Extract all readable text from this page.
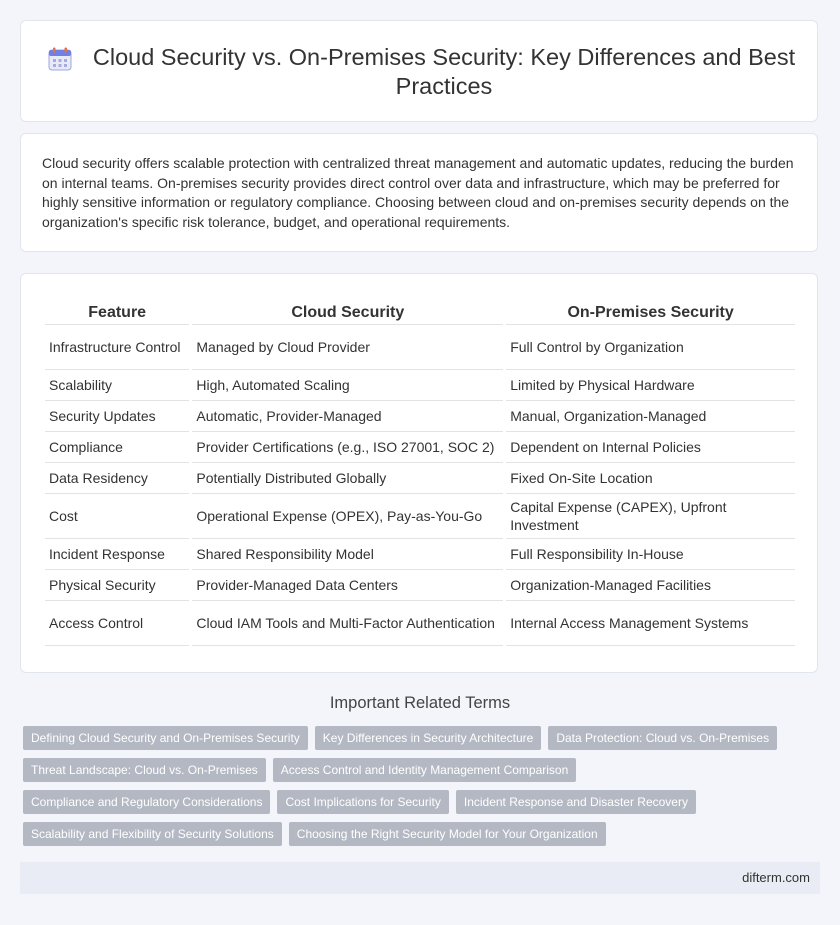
Cloud Security vs. On-Premises Security: Key Differences and Best Practices

Cloud security offers scalable protection with centralized threat management and automatic updates, reducing the burden on internal teams. On-premises security provides direct control over data and infrastructure, which may be preferred for highly sensitive information or regulatory compliance. Choosing between cloud and on-premises security depends on the organization's specific risk tolerance, budget, and operational requirements.

Feature	Cloud Security	On-Premises Security
Infrastructure Control	Managed by Cloud Provider	Full Control by Organization
Scalability	High, Automated Scaling	Limited by Physical Hardware
Security Updates	Automatic, Provider-Managed	Manual, Organization-Managed
Compliance	Provider Certifications (e.g., ISO 27001, SOC 2)	Dependent on Internal Policies
Data Residency	Potentially Distributed Globally	Fixed On-Site Location
Cost	Operational Expense (OPEX), Pay-as-You-Go	Capital Expense (CAPEX), Upfront Investment
Incident Response	Shared Responsibility Model	Full Responsibility In-House
Physical Security	Provider-Managed Data Centers	Organization-Managed Facilities
Access Control	Cloud IAM Tools and Multi-Factor Authentication	Internal Access Management Systems
Important Related Terms
Defining Cloud Security and On-Premises Security Key Differences in Security Architecture Data Protection: Cloud vs. On-Premises
Threat Landscape: Cloud vs. On-Premises Access Control and Identity Management Comparison
Compliance and Regulatory Considerations Cost Implications for Security Incident Response and Disaster Recovery
Scalability and Flexibility of Security Solutions Choosing the Right Security Model for Your Organization
difterm.com
